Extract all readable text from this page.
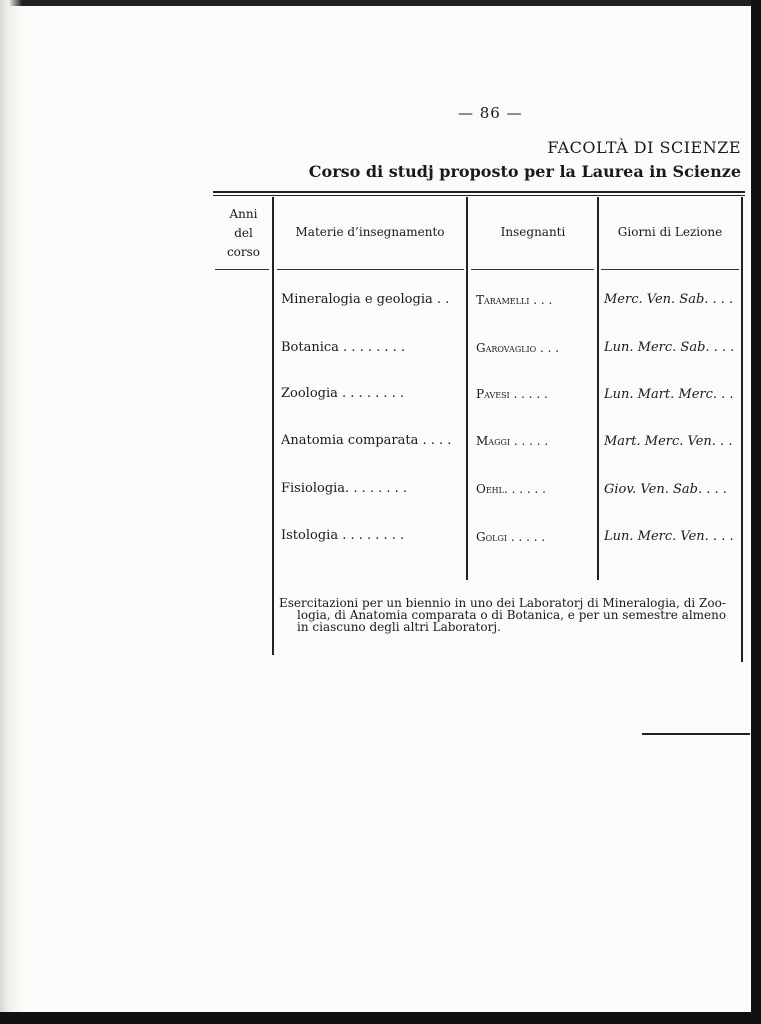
— 86 —
FACOLTÀ DI SCIENZE
Corso di studj proposto per la Laurea in Scienze
Anni
del
corso
Materie d’insegnamento	Insegnanti	Giorni di Lezione
Mineralogia e geologia . .	Taramelli . . .	Merc. Ven. Sab. . . .
Botanica . . . . . . . .	Garovaglio . . .	Lun. Merc. Sab. . . .
Zoologia . . . . . . . .	Pavesi . . . . .	Lun. Mart. Merc. . .
Anatomia comparata . . . .	Maggi . . . . .	Mart. Merc. Ven. . .
Fisiologia. . . . . . . .	Oehl. . . . . .	Giov. Ven. Sab. . . .
Istologia . . . . . . . .	Golgi . . . . .	Lun. Merc. Ven. . . .
Esercitazioni per un biennio in uno dei Laboratorj di Mineralogia, di Zoo-
logia, di Anatomia comparata o di Botanica, e per un semestre almeno
in ciascuno degli altri Laboratorj.
